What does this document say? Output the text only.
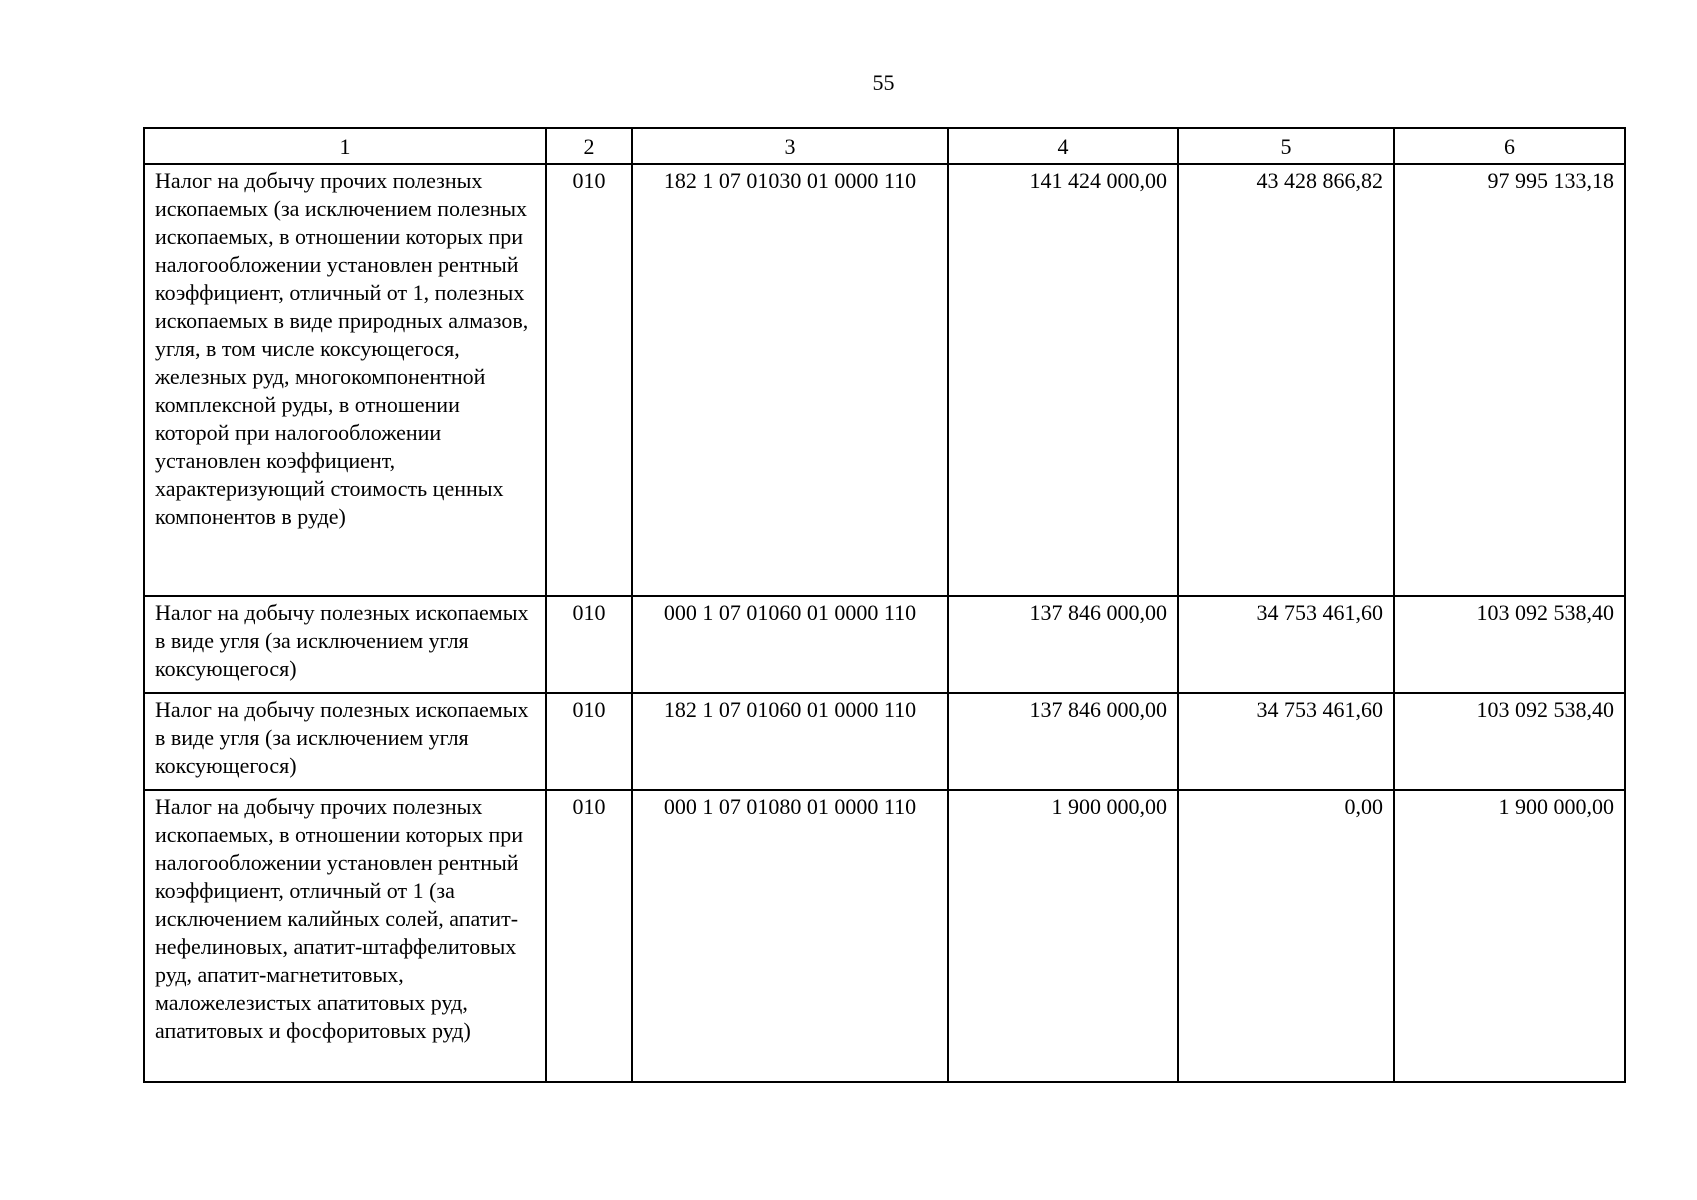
55
1	2	3	4	5	6
Налог на добычу прочих полезных ископаемых (за исключением полезных ископаемых, в отношении которых при налогообложении установлен рентный коэффициент, отличный от 1, полезных ископаемых в виде природных алмазов, угля, в том числе коксующегося, железных руд, многокомпонентной комплексной руды, в отношении которой при налогообложении установлен коэффициент, характеризующий стоимость ценных компонентов в руде)	010	182 1 07 01030 01 0000 110	141 424 000,00	43 428 866,82	97 995 133,18
Налог на добычу полезных ископаемых в виде угля (за исключением угля коксующегося)	010	000 1 07 01060 01 0000 110	137 846 000,00	34 753 461,60	103 092 538,40
Налог на добычу полезных ископаемых в виде угля (за исключением угля коксующегося)	010	182 1 07 01060 01 0000 110	137 846 000,00	34 753 461,60	103 092 538,40
Налог на добычу прочих полезных ископаемых, в отношении которых при налогообложении установлен рентный коэффициент, отличный от 1 (за исключением калийных солей, апатит-нефелиновых, апатит-штаффелитовых руд, апатит-магнетитовых, маложелезистых апатитовых руд, апатитовых и фосфоритовых руд)	010	000 1 07 01080 01 0000 110	1 900 000,00	0,00	1 900 000,00
